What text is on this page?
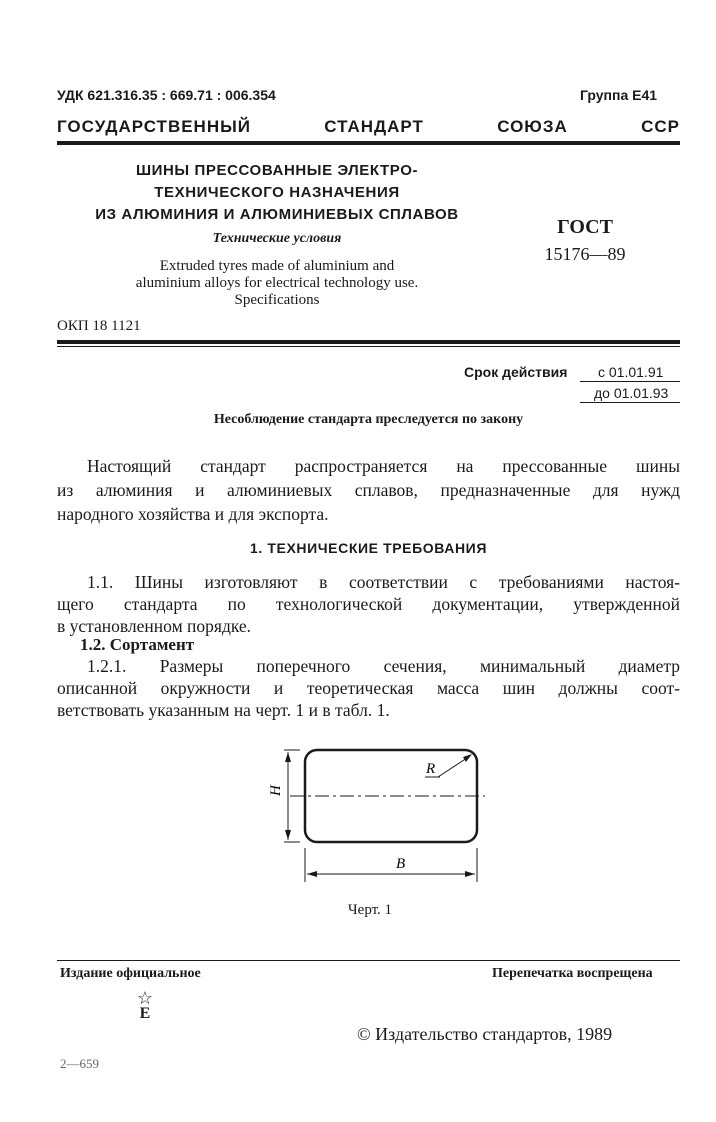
УДК 621.316.35 : 669.71 : 006.354	Группа Е41
ГОСУДАРСТВЕННЫЙ СТАНДАРТ СОЮЗА ССР
ШИНЫ ПРЕССОВАННЫЕ ЭЛЕКТРО-
ТЕХНИЧЕСКОГО НАЗНАЧЕНИЯ
ИЗ АЛЮМИНИЯ И АЛЮМИНИЕВЫХ СПЛАВОВ
Технические условия
Extruded tyres made of aluminium and
aluminium alloys for electrical technology use.
Specifications
ГОСТ
15176—89
ОКП 18 1121
Срок действия с 01.01.91
до 01.01.93
Несоблюдение стандарта преследуется по закону
Настоящий стандарт распространяется на прессованные шины
из алюминия и алюминиевых сплавов, предназначенные для нужд
народного хозяйства и для экспорта.
1. ТЕХНИЧЕСКИЕ ТРЕБОВАНИЯ
1.1. Шины изготовляют в соответствии с требованиями настоя-
щего стандарта по технологической документации, утвержденной
в установленном порядке.
1.2. Сортамент
1.2.1. Размеры поперечного сечения, минимальный диаметр
описанной окружности и теоретическая масса шин должны соот-
ветствовать указанным на черт. 1 и в табл. 1.
H
B
R
Черт. 1
Издание официальное	Перепечатка воспрещена
☆
Е
© Издательство стандартов, 1989
2—659
